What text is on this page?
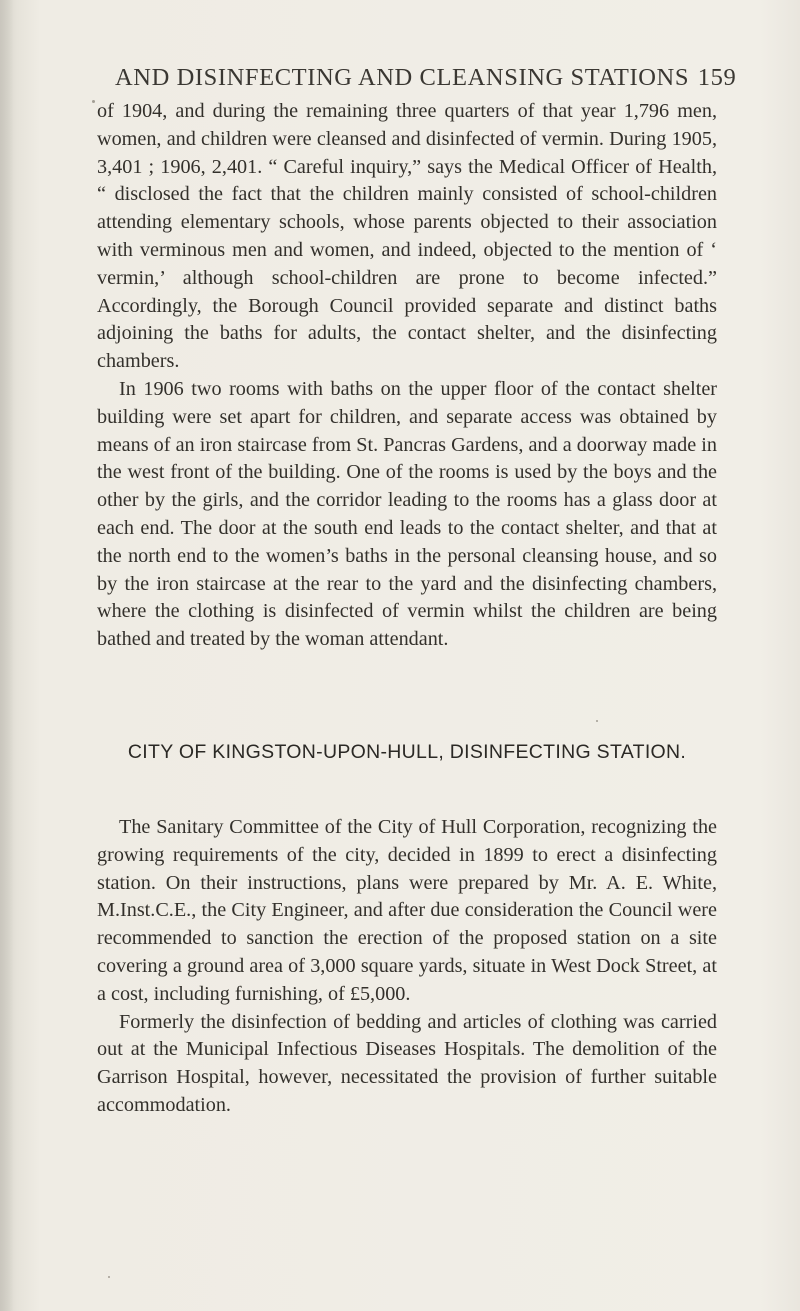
AND DISINFECTING AND CLEANSING STATIONS 159

of 1904, and during the remaining three quarters of that year 1,796 men, women, and children were cleansed and disinfected of vermin. During 1905, 3,401 ; 1906, 2,401. “ Careful inquiry,” says the Medical Officer of Health, “ disclosed the fact that the children mainly consisted of school-children attending elementary schools, whose parents objected to their association with verminous men and women, and indeed, objected to the mention of ‘ vermin,’ although school-children are prone to become infected.” Accordingly, the Borough Council provided separate and distinct baths adjoining the baths for adults, the contact shelter, and the disinfecting chambers.

In 1906 two rooms with baths on the upper floor of the contact shelter building were set apart for children, and separate access was obtained by means of an iron staircase from St. Pancras Gardens, and a doorway made in the west front of the building. One of the rooms is used by the boys and the other by the girls, and the corridor leading to the rooms has a glass door at each end. The door at the south end leads to the contact shelter, and that at the north end to the women’s baths in the personal cleansing house, and so by the iron staircase at the rear to the yard and the disinfecting chambers, where the clothing is disinfected of vermin whilst the children are being bathed and treated by the woman attendant.

CITY OF KINGSTON-UPON-HULL, DISINFECTING STATION.

The Sanitary Committee of the City of Hull Corporation, recognizing the growing requirements of the city, decided in 1899 to erect a disinfecting station. On their instructions, plans were prepared by Mr. A. E. White, M.Inst.C.E., the City Engineer, and after due consideration the Council were recommended to sanction the erection of the proposed station on a site covering a ground area of 3,000 square yards, situate in West Dock Street, at a cost, including furnishing, of £5,000.

Formerly the disinfection of bedding and articles of clothing was carried out at the Municipal Infectious Diseases Hospitals. The demolition of the Garrison Hospital, however, necessitated the provision of further suitable accommodation.
